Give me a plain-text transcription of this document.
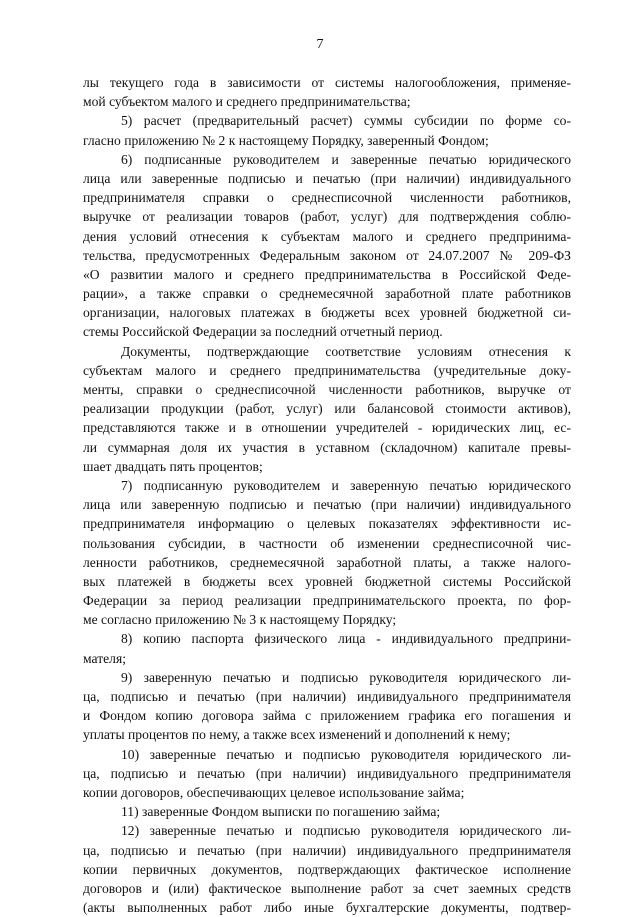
7
лы текущего года в зависимости от системы налогообложения, применяе-
мой субъектом малого и среднего предпринимательства;
5) расчет (предварительный расчет) суммы субсидии по форме со-
гласно приложению № 2 к настоящему Порядку, заверенный Фондом;
6) подписанные руководителем и заверенные печатью юридического
лица или заверенные подписью и печатью (при наличии) индивидуального
предпринимателя справки о среднесписочной численности работников,
выручке от реализации товаров (работ, услуг) для подтверждения соблю-
дения условий отнесения к субъектам малого и среднего предпринима-
тельства, предусмотренных Федеральным законом от 24.07.2007 № 209-ФЗ
«О развитии малого и среднего предпринимательства в Российской Феде-
рации», а также справки о среднемесячной заработной плате работников
организации, налоговых платежах в бюджеты всех уровней бюджетной си-
стемы Российской Федерации за последний отчетный период.
Документы, подтверждающие соответствие условиям отнесения к
субъектам малого и среднего предпринимательства (учредительные доку-
менты, справки о среднесписочной численности работников, выручке от
реализации продукции (работ, услуг) или балансовой стоимости активов),
представляются также и в отношении учредителей - юридических лиц, ес-
ли суммарная доля их участия в уставном (складочном) капитале превы-
шает двадцать пять процентов;
7) подписанную руководителем и заверенную печатью юридического
лица или заверенную подписью и печатью (при наличии) индивидуального
предпринимателя информацию о целевых показателях эффективности ис-
пользования субсидии, в частности об изменении среднесписочной чис-
ленности работников, среднемесячной заработной платы, а также налого-
вых платежей в бюджеты всех уровней бюджетной системы Российской
Федерации за период реализации предпринимательского проекта, по фор-
ме согласно приложению № 3 к настоящему Порядку;
8) копию паспорта физического лица - индивидуального предприни-
мателя;
9) заверенную печатью и подписью руководителя юридического ли-
ца, подписью и печатью (при наличии) индивидуального предпринимателя
и Фондом копию договора займа с приложением графика его погашения и
уплаты процентов по нему, а также всех изменений и дополнений к нему;
10) заверенные печатью и подписью руководителя юридического ли-
ца, подписью и печатью (при наличии) индивидуального предпринимателя
копии договоров, обеспечивающих целевое использование займа;
11) заверенные Фондом выписки по погашению займа;
12) заверенные печатью и подписью руководителя юридического ли-
ца, подписью и печатью (при наличии) индивидуального предпринимателя
копии первичных документов, подтверждающих фактическое исполнение
договоров и (или) фактическое выполнение работ за счет заемных средств
(акты выполненных работ либо иные бухгалтерские документы, подтвер-
